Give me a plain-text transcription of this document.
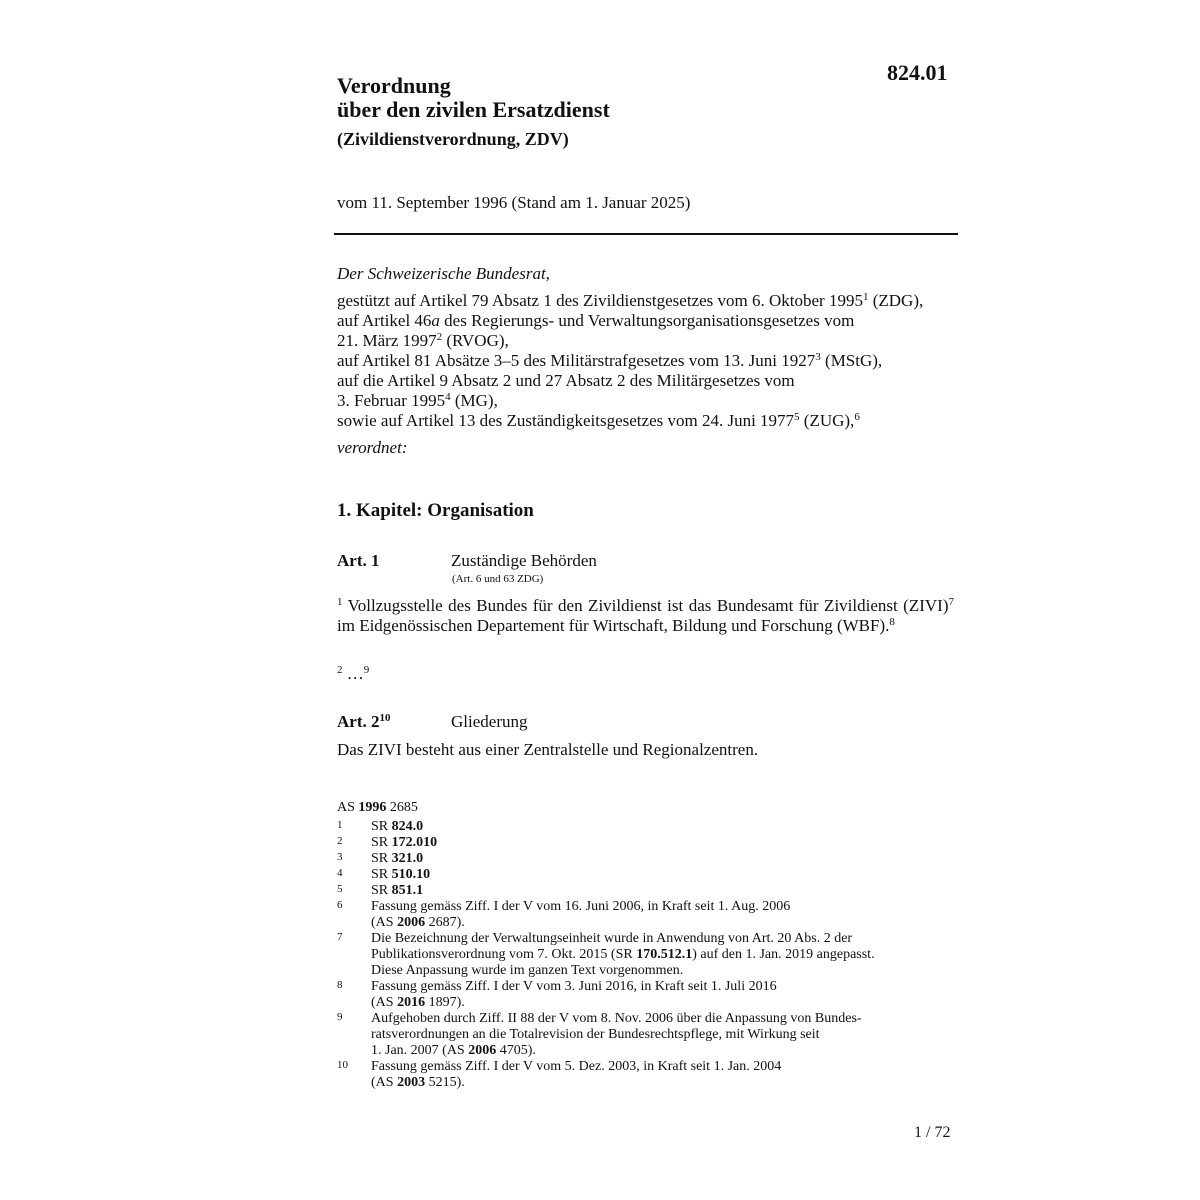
824.01
Verordnung
über den zivilen Ersatzdienst
(Zivildienstverordnung, ZDV)
vom 11. September 1996 (Stand am 1. Januar 2025)
Der Schweizerische Bundesrat,
gestützt auf Artikel 79 Absatz 1 des Zivildienstgesetzes vom 6. Oktober 1995$^1$ (ZDG),
auf Artikel 46a des Regierungs- und Verwaltungsorganisationsgesetzes vom
21. März 1997$^2$ (RVOG),
auf Artikel 81 Absätze 3–5 des Militärstrafgesetzes vom 13. Juni 1927$^3$ (MStG),
auf die Artikel 9 Absatz 2 und 27 Absatz 2 des Militärgesetzes vom
3. Februar 1995$^4$ (MG),
sowie auf Artikel 13 des Zuständigkeitsgesetzes vom 24. Juni 1977$^5$ (ZUG),$^6$
verordnet:
1. Kapitel: Organisation
Art. 1	Zuständige Behörden
(Art. 6 und 63 ZDG)
$^1$ Vollzugsstelle des Bundes für den Zivildienst ist das Bundesamt für Zivildienst (ZIVI)$^7$ im Eidgenössischen Departement für Wirtschaft, Bildung und Forschung (WBF).$^8$
$^2$ …$^9$
Art. $2^{10}$	Gliederung
Das ZIVI besteht aus einer Zentralstelle und Regionalzentren.
AS 1996 2685
1 SR 824.0
2 SR 172.010
3 SR 321.0
4 SR 510.10
5 SR 851.1
6 Fassung gemäss Ziff. I der V vom 16. Juni 2006, in Kraft seit 1. Aug. 2006
(AS 2006 2687).
7 Die Bezeichnung der Verwaltungseinheit wurde in Anwendung von Art. 20 Abs. 2 der
Publikationsverordnung vom 7. Okt. 2015 (SR 170.512.1) auf den 1. Jan. 2019 angepasst.
Diese Anpassung wurde im ganzen Text vorgenommen.
8 Fassung gemäss Ziff. I der V vom 3. Juni 2016, in Kraft seit 1. Juli 2016
(AS 2016 1897).
9 Aufgehoben durch Ziff. II 88 der V vom 8. Nov. 2006 über die Anpassung von Bundes-
ratsverordnungen an die Totalrevision der Bundesrechtspflege, mit Wirkung seit
1. Jan. 2007 (AS 2006 4705).
10 Fassung gemäss Ziff. I der V vom 5. Dez. 2003, in Kraft seit 1. Jan. 2004
(AS 2003 5215).
1 / 72
